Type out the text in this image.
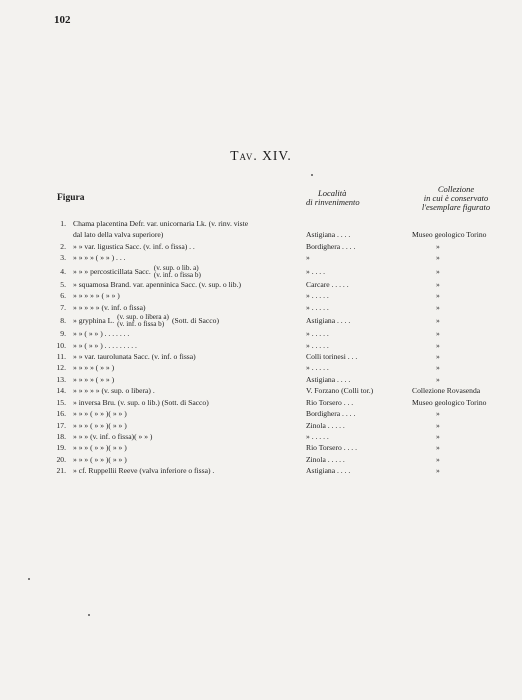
102
Tav. XIV.
Figura	Località
di rinvenimento
Collezione
in cui è conservato
l'esemplare figurato
1. Chama placentina Defr. var. unicornaria Lk. (v. rinv. viste
dal lato della valva superiore)	Astigiana . . . .	Museo geologico Torino
2. » » var. ligustica Sacc. (v. inf. o fissa) . .	Bordighera . . . .	»
3. » » » » ( » » ) . . .	»	»
4. » » » percosticillata Sacc. (v. sup. o lib. a)
(v. inf. o fissa b)	» . . . .	»
5. » squamosa Brand. var. apenninica Sacc. (v. sup. o lib.)	Carcare . . . . .	»
6. » » » » » ( » » )	» . . . . .	»
7. » » » » » (v. inf. o fissa)	» . . . . .	»
8. » gryphina L. (v. sup. o libera a)
(v. inf. o fissa b)	(Sott. di Sacco)	Astigiana . . . .	»
9. » » ( » » ) . . . . . . .	» . . . . .	»
10. » » ( » » ) . . . . . . . . .	» . . . . .	»
11. » » var. taurolunata Sacc. (v. inf. o fissa)	Colli torinesi . . .	»
12. » » » » ( » » )	» . . . . .	»
13. » » » » ( » » )	Astigiana . . . .	»
14. » » » » » (v. sup. o libera) .	V. Forzano (Colli tor.)	Collezione Rovasenda
15. » inversa Bru. (v. sup. o lib.) (Sott. di Sacco)	Rio Torsero . . .	Museo geologico Torino
16. » » » ( » » )( » » )	Bordighera . . . .	»
17. » » » ( » » )( » » )	Zinola . . . . .	»
18. » » » (v. inf. o fissa)( » » )	» . . . . .	»
19. » » » ( » » )( » » )	Rio Torsero . . . .	»
20. » » » ( » » )( » » )	Zinola . . . . .	»
21. » cf. Ruppellii Reeve (valva inferiore o fissa) .	Astigiana . . . .	»
